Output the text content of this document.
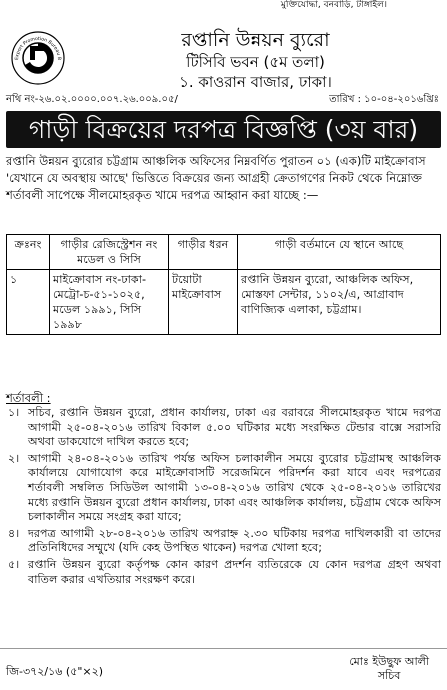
মুক্তিযোদ্ধা, বনবাড়ি, টাঙ্গাইল।
Export Promotion Bureau B
রপ্তানি উন্নয়ন ব্যুরো
টিসিবি ভবন (৫ম তলা)
১. কাওরান বাজার, ঢাকা।
নথি নং-২৬.০২.০০০০.০০৭.২৬.০০৯.০৫/	তারিখ : ১০-০৪-২০১৬খ্রিঃ
গাড়ী বিক্রয়ের দরপত্র বিজ্ঞপ্তি (৩য় বার)
রপ্তানি উন্নয়ন ব্যুরোর চট্টগ্রাম আঞ্চলিক অফিসের নিম্নবর্ণিত পুরাতন ০১ (এক)টি মাইক্রোবাস 'যেখানে যে অবস্থায় আছে' ভিত্তিতে বিক্রয়ের জন্য আগ্রহী ক্রেতাগণের নিকট থেকে নিম্নোক্ত শর্তাবলী সাপেক্ষে সীলমোহরকৃত খামে দরপত্র আহ্বান করা যাচ্ছে :—
ক্রঃনং	গাড়ীর রেজিস্ট্রেশন নং মডেল ও সিসি	গাড়ীর ধরন	গাড়ী বর্তমানে যে স্থানে আছে
১	মাইক্রোবাস নং-ঢাকা-মেট্রো-চ-৫১-১০২৫, মডেল ১৯৯১, সিসি ১৯৯৮	টয়োটা মাইক্রোবাস	রপ্তানি উন্নয়ন ব্যুরো, আঞ্চলিক অফিস, মোস্তফা সেন্টার, ১১০২/এ, আগ্রাবাদ বাণিজ্যিক এলাকা, চট্টগ্রাম।
শর্তাবলী :
১। সচিব, রপ্তানি উন্নয়ন ব্যুরো, প্রধান কার্যালয়, ঢাকা এর বরাবরে সীলমোহরকৃত খামে দরপত্র আগামী ২৫-০৪-২০১৬ তারিখ বিকাল ৫.০০ ঘটিকার মধ্যে সংরক্ষিত টেন্ডার বাক্সে সরাসরি অথবা ডাকযোগে দাখিল করতে হবে;
২। আগামী ২৪-০৪-২০১৬ তারিখ পর্যন্ত অফিস চলাকালীন সময়ে ব্যুরোর চট্টগ্রামস্থ আঞ্চলিক কার্যালয়ে যোগাযোগ করে মাইক্রোবাসটি সরেজমিনে পরিদর্শন করা যাবে এবং দরপত্রের শর্তাবলী সম্বলিত সিডিউল আগামী ১৩-০৪-২০১৬ তারিখ থেকে ২৫-০৪-২০১৬ তারিখের মধ্যে রপ্তানি উন্নয়ন ব্যুরো প্রধান কার্যালয়, ঢাকা এবং আঞ্চলিক কার্যালয়, চট্টগ্রাম থেকে অফিস চলাকালীন সময়ে সংগ্রহ করা যাবে;
৪। দরপত্র আগামী ২৮-০৪-২০১৬ তারিখ অপরাহ্ন ২.৩০ ঘটিকায় দরপত্র দাখিলকারী বা তাদের প্রতিনিধিদের সম্মুখে (যদি কেহ উপস্থিত থাকেন) দরপত্র খোলা হবে;
৫। রপ্তানি উন্নয়ন ব্যুরো কর্তৃপক্ষ কোন কারণ প্রদর্শন ব্যতিরেকে যে কোন দরপত্র গ্রহণ অথবা বাতিল করার এখতিয়ার সংরক্ষণ করে।
জি-৩৭২/১৬ (৫"×২)
মোঃ ইউছুফ আলী
সচিব
